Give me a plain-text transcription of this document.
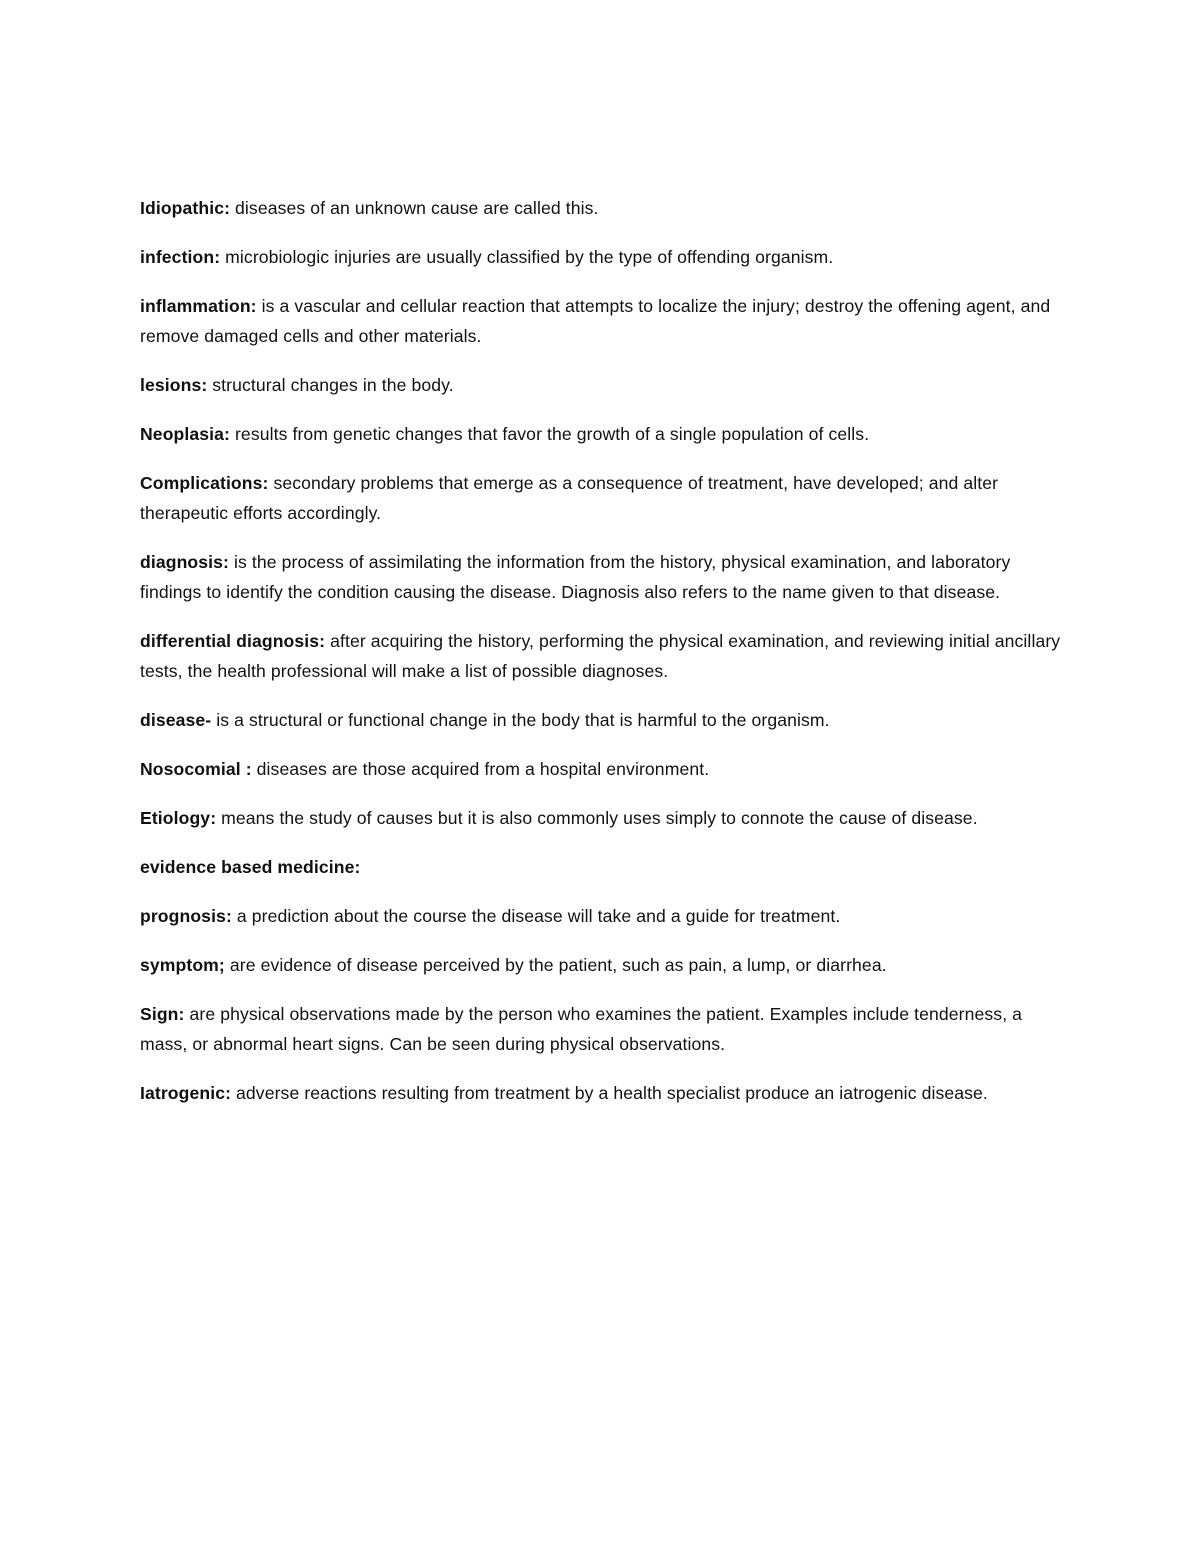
Idiopathic: diseases of an unknown cause are called this.

infection: microbiologic injuries are usually classified by the type of offending organism.

inflammation: is a vascular and cellular reaction that attempts to localize the injury; destroy the offening agent, and remove damaged cells and other materials.

lesions: structural changes in the body.

Neoplasia: results from genetic changes that favor the growth of a single population of cells.

Complications: secondary problems that emerge as a consequence of treatment, have developed; and alter therapeutic efforts accordingly.

diagnosis: is the process of assimilating the information from the history, physical examination, and laboratory findings to identify the condition causing the disease. Diagnosis also refers to the name given to that disease.

differential diagnosis: after acquiring the history, performing the physical examination, and reviewing initial ancillary tests, the health professional will make a list of possible diagnoses.

disease- is a structural or functional change in the body that is harmful to the organism.

Nosocomial : diseases are those acquired from a hospital environment.

Etiology: means the study of causes but it is also commonly uses simply to connote the cause of disease.

evidence based medicine:

prognosis: a prediction about the course the disease will take and a guide for treatment.

symptom; are evidence of disease perceived by the patient, such as pain, a lump, or diarrhea.

Sign: are physical observations made by the person who examines the patient. Examples include tenderness, a mass, or abnormal heart signs. Can be seen during physical observations.

Iatrogenic: adverse reactions resulting from treatment by a health specialist produce an iatrogenic disease.
